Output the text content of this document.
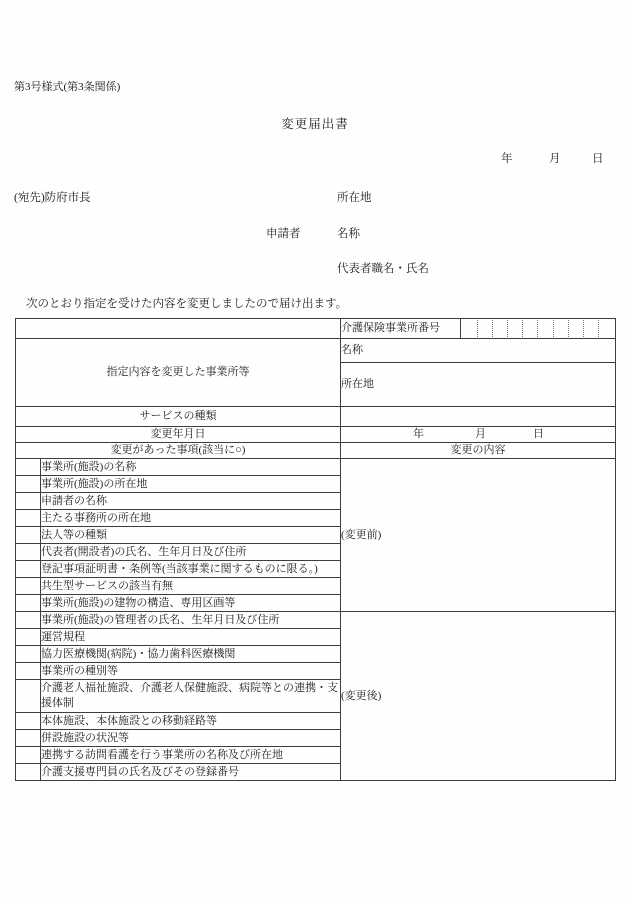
第3号様式(第3条関係)
変更届出書
年	月	日
(宛先)防府市長
申請者
所在地
名称
代表者職名・氏名
次のとおり指定を受けた内容を変更しましたので届け出ます。
		介護保険事業所番号	

指定内容を変更した事業所等		名称	
		所在地	
サービスの種類			
変更年月日		年 月 日	

変更があった事項(該当に○)		変更の内容	
	事業所(施設)の名称	(変更前)	
	事業所(施設)の所在地		
	申請者の名称		
	主たる事務所の所在地		
	法人等の種類		
	代表者(開設者)の氏名、生年月日及び住所		
	登記事項証明書・条例等(当該事業に関するものに限る。)		
	共生型サービスの該当有無		
	事業所(施設)の建物の構造、専用区画等		
	事業所(施設)の管理者の氏名、生年月日及び住所	(変更後)	
	運営規程		
	協力医療機関(病院)・協力歯科医療機関		
	事業所の種別等		
	介護老人福祉施設、介護老人保健施設、病院等との連携・支援体制		
	本体施設、本体施設との移動経路等		
	併設施設の状況等		
	連携する訪問看護を行う事業所の名称及び所在地		
	介護支援専門員の氏名及びその登録番号		
